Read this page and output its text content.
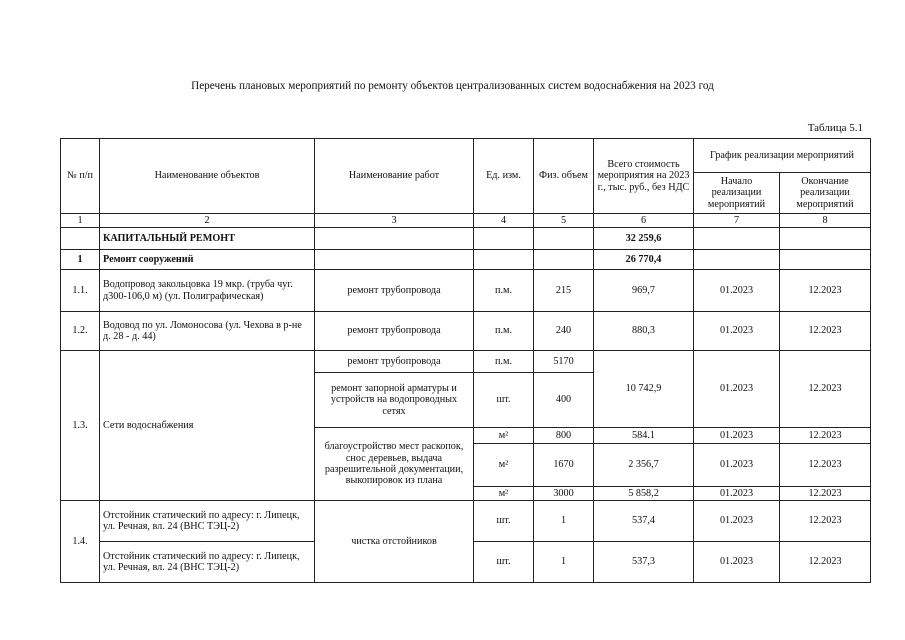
Перечень плановых мероприятий по ремонту объектов централизованных систем водоснабжения на 2023 год
Таблица 5.1
№ п/п	Наименование объектов	Наименование работ	Ед. изм.	Физ. объем	Всего стоимость мероприятия на 2023 г., тыс. руб., без НДС	График реализации мероприятий	
						Начало реализации мероприятий	Окончание реализации мероприятий
1	2	3	4	5	6	7	8
	КАПИТАЛЬНЫЙ РЕМОНТ				32 259,6		
1	Ремонт сооружений				26 770,4		
1.1.	Водопровод закольцовка 19 мкр. (труба чуг. д300-106,0 м) (ул. Полиграфическая)	ремонт трубопровода	п.м.	215	969,7	01.2023	12.2023
1.2.	Водовод по ул. Ломоносова (ул. Чехова в р-не д. 28 - д. 44)	ремонт трубопровода	п.м.	240	880,3	01.2023	12.2023
1.3.	Сети водоснабжения	ремонт трубопровода	п.м.	5170	10 742,9	01.2023	12.2023
		ремонт запорной арматуры и устройств на водопроводных сетях	шт.	400			
		благоустройство мест раскопок, снос деревьев, выдача разрешительной документации, выкопировок из плана	м²	800	584.1	01.2023	12.2023
			м²	1670	2 356,7	01.2023	12.2023
			м²	3000	5 858,2	01.2023	12.2023
1.4.	Отстойник статический по адресу: г. Липецк, ул. Речная, вл. 24 (ВНС ТЭЦ-2)	чистка отстойников	шт.	1	537,4	01.2023	12.2023
	Отстойник статический по адресу: г. Липецк, ул. Речная, вл. 24 (ВНС ТЭЦ-2)		шт.	1	537,3	01.2023	12.2023
